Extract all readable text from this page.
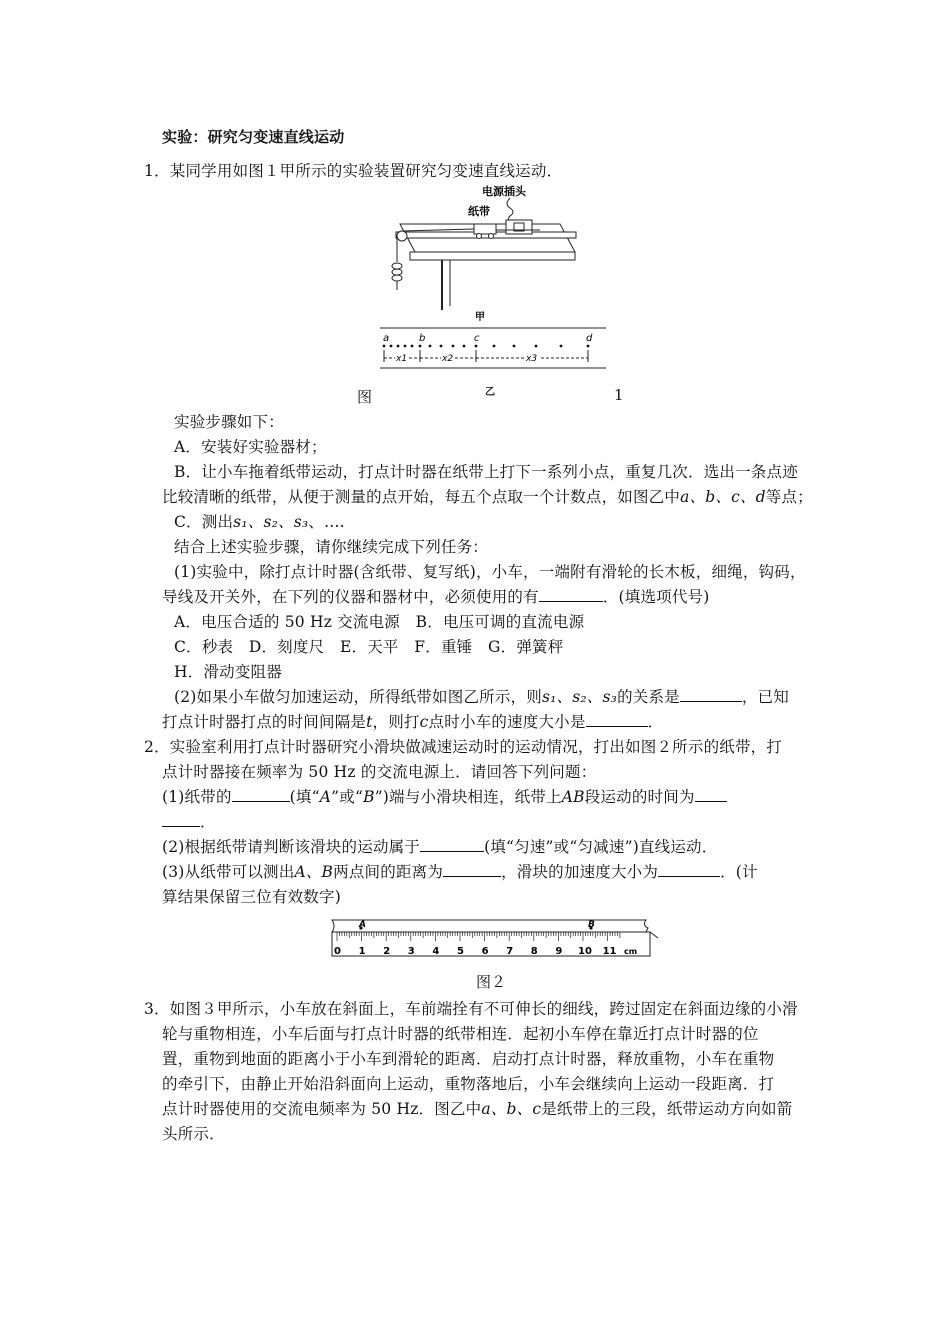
实验：研究匀变速直线运动
1．某同学用如图１甲所示的实验装置研究匀变速直线运动．
电源插头
纸带
甲
a	b	c	d
x1	x2	x3
图	乙	1
实验步骤如下：
A．安装好实验器材；
B．让小车拖着纸带运动，打点计时器在纸带上打下一系列小点，重复几次．选出一条点迹
比较清晰的纸带，从便于测量的点开始，每五个点取一个计数点，如图乙中a、b、c、d等点；
C．测出s₁、s₂、s₃、….
结合上述实验步骤，请你继续完成下列任务：
(1)实验中，除打点计时器(含纸带、复写纸)，小车，一端附有滑轮的长木板，细绳，钩码，
导线及开关外，在下列的仪器和器材中，必须使用的有	．(填选项代号)
A．电压合适的 50 Hz 交流电源　B．电压可调的直流电源
C．秒表　D．刻度尺　E．天平　F．重锤　G．弹簧秤
H．滑动变阻器
(2)如果小车做匀加速运动，所得纸带如图乙所示，则s₁、s₂、s₃的关系是	，已知
打点计时器打点的时间间隔是t，则打c点时小车的速度大小是	．
2．实验室利用打点计时器研究小滑块做减速运动时的运动情况，打出如图２所示的纸带，打
点计时器接在频率为 50 Hz 的交流电源上．请回答下列问题：
(1)纸带的	(填“A”或“B”)端与小滑块相连，纸带上AB段运动的时间为
．
(2)根据纸带请判断该滑块的运动属于	(填“匀速”或“匀减速”)直线运动．
(3)从纸带可以测出A、B两点间的距离为	，滑块的加速度大小为	．(计
算结果保留三位有效数字)
A	B
0 1 2 3 4 5 6 7 8 9 10 11 cm
图２
3．如图３甲所示，小车放在斜面上，车前端拴有不可伸长的细线，跨过固定在斜面边缘的小滑
轮与重物相连，小车后面与打点计时器的纸带相连．起初小车停在靠近打点计时器的位
置，重物到地面的距离小于小车到滑轮的距离．启动打点计时器，释放重物，小车在重物
的牵引下，由静止开始沿斜面向上运动，重物落地后，小车会继续向上运动一段距离．打
点计时器使用的交流电频率为 50 Hz．图乙中a、b、c是纸带上的三段，纸带运动方向如箭
头所示．
